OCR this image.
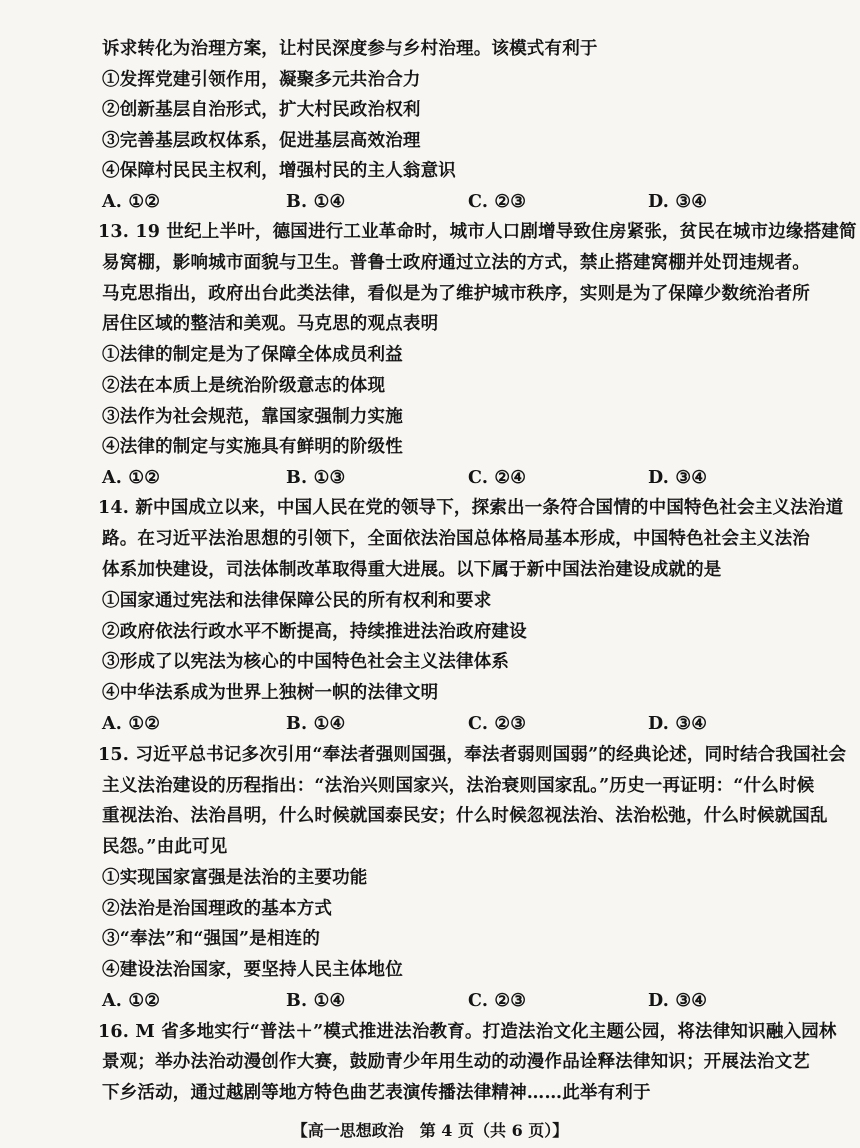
诉求转化为治理方案，让村民深度参与乡村治理。该模式有利于
①发挥党建引领作用，凝聚多元共治合力
②创新基层自治形式，扩大村民政治权利
③完善基层政权体系，促进基层高效治理
④保障村民民主权利，增强村民的主人翁意识
A. ①②	B. ①④	C. ②③	D. ③④
13. 19 世纪上半叶，德国进行工业革命时，城市人口剧增导致住房紧张，贫民在城市边缘搭建简
易窝棚，影响城市面貌与卫生。普鲁士政府通过立法的方式，禁止搭建窝棚并处罚违规者。
马克思指出，政府出台此类法律，看似是为了维护城市秩序，实则是为了保障少数统治者所
居住区域的整洁和美观。马克思的观点表明
①法律的制定是为了保障全体成员利益
②法在本质上是统治阶级意志的体现
③法作为社会规范，靠国家强制力实施
④法律的制定与实施具有鲜明的阶级性
A. ①②	B. ①③	C. ②④	D. ③④
14. 新中国成立以来，中国人民在党的领导下，探索出一条符合国情的中国特色社会主义法治道
路。在习近平法治思想的引领下，全面依法治国总体格局基本形成，中国特色社会主义法治
体系加快建设，司法体制改革取得重大进展。以下属于新中国法治建设成就的是
①国家通过宪法和法律保障公民的所有权利和要求
②政府依法行政水平不断提高，持续推进法治政府建设
③形成了以宪法为核心的中国特色社会主义法律体系
④中华法系成为世界上独树一帜的法律文明
A. ①②	B. ①④	C. ②③	D. ③④
15. 习近平总书记多次引用“奉法者强则国强，奉法者弱则国弱”的经典论述，同时结合我国社会
主义法治建设的历程指出：“法治兴则国家兴，法治衰则国家乱。”历史一再证明：“什么时候
重视法治、法治昌明，什么时候就国泰民安；什么时候忽视法治、法治松弛，什么时候就国乱
民怨。”由此可见
①实现国家富强是法治的主要功能
②法治是治国理政的基本方式
③“奉法”和“强国”是相连的
④建设法治国家，要坚持人民主体地位
A. ①②	B. ①④	C. ②③	D. ③④
16. M 省多地实行“普法＋”模式推进法治教育。打造法治文化主题公园，将法律知识融入园林
景观；举办法治动漫创作大赛，鼓励青少年用生动的动漫作品诠释法律知识；开展法治文艺
下乡活动，通过越剧等地方特色曲艺表演传播法律精神……此举有利于
【高一思想政治　第 4 页（共 6 页）】
